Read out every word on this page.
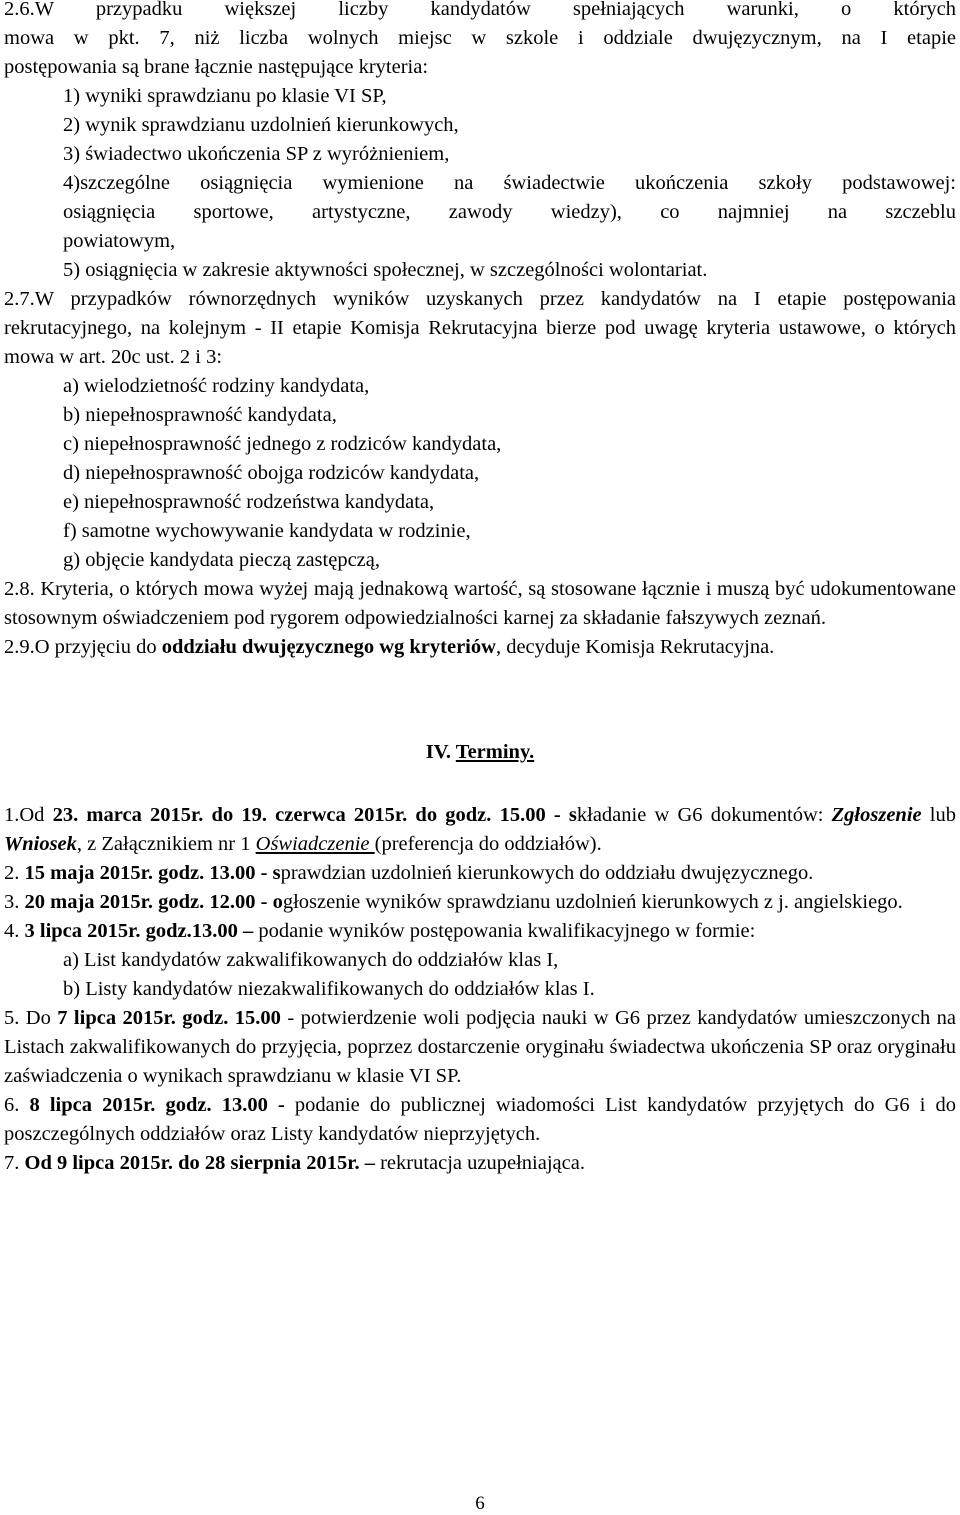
2.6.W przypadku większej liczby kandydatów spełniających warunki, o których

mowa w pkt. 7, niż liczba wolnych miejsc w szkole i oddziale dwujęzycznym, na I etapie

postępowania są brane łącznie następujące kryteria:

1) wyniki sprawdzianu po klasie VI SP,

2) wynik sprawdzianu uzdolnień kierunkowych,

3) świadectwo ukończenia SP z wyróżnieniem,

4)szczególne osiągnięcia wymienione na świadectwie ukończenia szkoły podstawowej:

osiągnięcia sportowe, artystyczne, zawody wiedzy), co najmniej na szczeblu

powiatowym,

5) osiągnięcia w zakresie aktywności społecznej, w szczególności wolontariat.

2.7.W przypadków równorzędnych wyników uzyskanych przez kandydatów na I etapie postępowania rekrutacyjnego, na kolejnym - II etapie Komisja Rekrutacyjna bierze pod uwagę kryteria ustawowe, o których mowa w art. 20c ust. 2 i 3:

a) wielodzietność rodziny kandydata,

b) niepełnosprawność kandydata,

c) niepełnosprawność jednego z rodziców kandydata,

d) niepełnosprawność obojga rodziców kandydata,

e) niepełnosprawność rodzeństwa kandydata,

f) samotne wychowywanie kandydata w rodzinie,

g) objęcie kandydata pieczą zastępczą,

2.8. Kryteria, o których mowa wyżej mają jednakową wartość, są stosowane łącznie i muszą być udokumentowane stosownym oświadczeniem pod rygorem odpowiedzialności karnej za składanie fałszywych zeznań.

2.9.O przyjęciu do oddziału dwujęzycznego wg kryteriów, decyduje Komisja Rekrutacyjna.

IV. Terminy.

1.Od 23. marca 2015r. do 19. czerwca 2015r. do godz. 15.00 - składanie w G6 dokumentów: Zgłoszenie lub Wniosek, z Załącznikiem nr 1 Oświadczenie (preferencja do oddziałów).

2. 15 maja 2015r. godz. 13.00 - sprawdzian uzdolnień kierunkowych do oddziału dwujęzycznego.

3. 20 maja 2015r. godz. 12.00 - ogłoszenie wyników sprawdzianu uzdolnień kierunkowych z j. angielskiego.

4. 3 lipca 2015r. godz.13.00 – podanie wyników postępowania kwalifikacyjnego w formie:

a) List kandydatów zakwalifikowanych do oddziałów klas I,

b) Listy kandydatów niezakwalifikowanych do oddziałów klas I.

5. Do 7 lipca 2015r. godz. 15.00 - potwierdzenie woli podjęcia nauki w G6 przez kandydatów umieszczonych na Listach zakwalifikowanych do przyjęcia, poprzez dostarczenie oryginału świadectwa ukończenia SP oraz oryginału zaświadczenia o wynikach sprawdzianu w klasie VI SP.

6. 8 lipca 2015r. godz. 13.00 - podanie do publicznej wiadomości List kandydatów przyjętych do G6 i do poszczególnych oddziałów oraz Listy kandydatów nieprzyjętych.

7. Od 9 lipca 2015r. do 28 sierpnia 2015r. – rekrutacja uzupełniająca.

6
